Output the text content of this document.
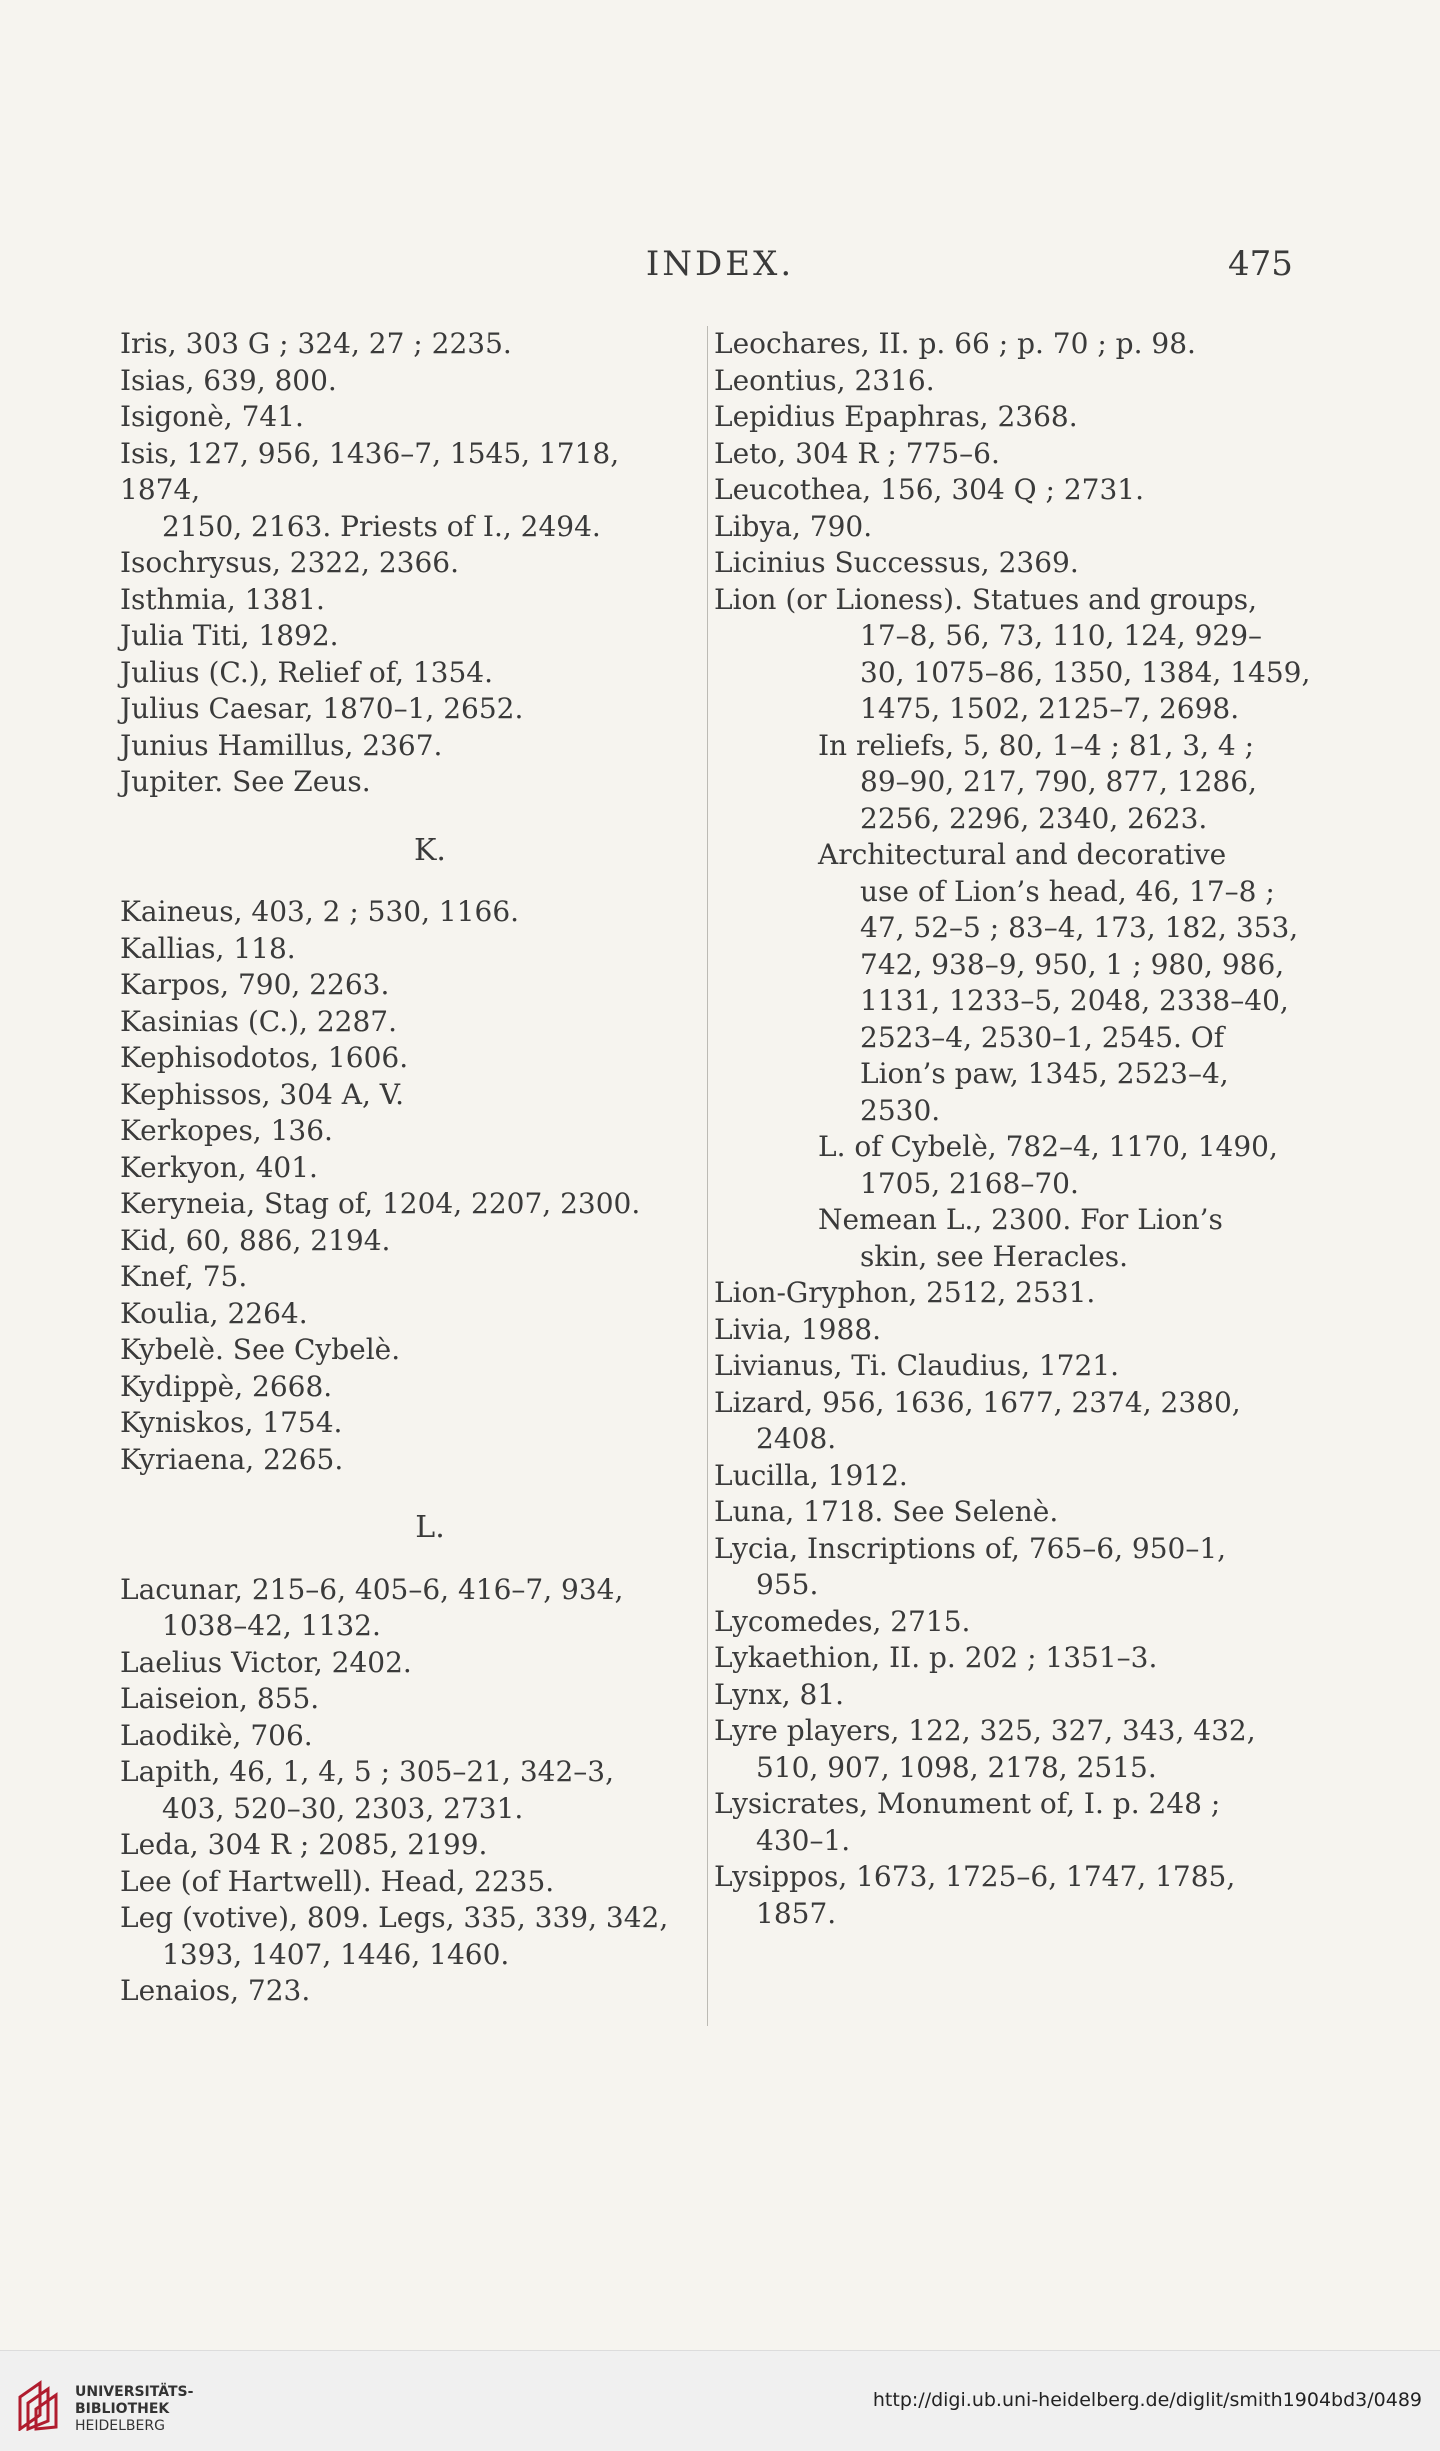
INDEX.	475
Iris, 303 G ; 324, 27 ; 2235.
Isias, 639, 800.
Isigonè, 741.
Isis, 127, 956, 1436–7, 1545, 1718, 1874,
2150, 2163. Priests of I., 2494.
Isochrysus, 2322, 2366.
Isthmia, 1381.
Julia Titi, 1892.
Julius (C.), Relief of, 1354.
Julius Caesar, 1870–1, 2652.
Junius Hamillus, 2367.
Jupiter. See Zeus.
K.
Kaineus, 403, 2 ; 530, 1166.
Kallias, 118.
Karpos, 790, 2263.
Kasinias (C.), 2287.
Kephisodotos, 1606.
Kephissos, 304 A, V.
Kerkopes, 136.
Kerkyon, 401.
Keryneia, Stag of, 1204, 2207, 2300.
Kid, 60, 886, 2194.
Knef, 75.
Koulia, 2264.
Kybelè. See Cybelè.
Kydippè, 2668.
Kyniskos, 1754.
Kyriaena, 2265.
L.
Lacunar, 215–6, 405–6, 416–7, 934,
1038–42, 1132.
Laelius Victor, 2402.
Laiseion, 855.
Laodikè, 706.
Lapith, 46, 1, 4, 5 ; 305–21, 342–3,
403, 520–30, 2303, 2731.
Leda, 304 R ; 2085, 2199.
Lee (of Hartwell). Head, 2235.
Leg (votive), 809. Legs, 335, 339, 342,
1393, 1407, 1446, 1460.
Lenaios, 723.
Leochares, II. p. 66 ; p. 70 ; p. 98.
Leontius, 2316.
Lepidius Epaphras, 2368.
Leto, 304 R ; 775–6.
Leucothea, 156, 304 Q ; 2731.
Libya, 790.
Licinius Successus, 2369.
Lion (or Lioness). Statues and groups,
17–8, 56, 73, 110, 124, 929–
30, 1075–86, 1350, 1384, 1459,
1475, 1502, 2125–7, 2698.
In reliefs, 5, 80, 1–4 ; 81, 3, 4 ;
89–90, 217, 790, 877, 1286,
2256, 2296, 2340, 2623.
Architectural and decorative
use of Lion’s head, 46, 17–8 ;
47, 52–5 ; 83–4, 173, 182, 353,
742, 938–9, 950, 1 ; 980, 986,
1131, 1233–5, 2048, 2338–40,
2523–4, 2530–1, 2545. Of
Lion’s paw, 1345, 2523–4,
2530.
L. of Cybelè, 782–4, 1170, 1490,
1705, 2168–70.
Nemean L., 2300. For Lion’s
skin, see Heracles.
Lion-Gryphon, 2512, 2531.
Livia, 1988.
Livianus, Ti. Claudius, 1721.
Lizard, 956, 1636, 1677, 2374, 2380,
2408.
Lucilla, 1912.
Luna, 1718. See Selenè.
Lycia, Inscriptions of, 765–6, 950–1,
955.
Lycomedes, 2715.
Lykaethion, II. p. 202 ; 1351–3.
Lynx, 81.
Lyre players, 122, 325, 327, 343, 432,
510, 907, 1098, 2178, 2515.
Lysicrates, Monument of, I. p. 248 ;
430–1.
Lysippos, 1673, 1725–6, 1747, 1785,
1857.
UNIVERSITÄTS-
BIBLIOTHEK
HEIDELBERG
http://digi.ub.uni-heidelberg.de/diglit/smith1904bd3/0489
